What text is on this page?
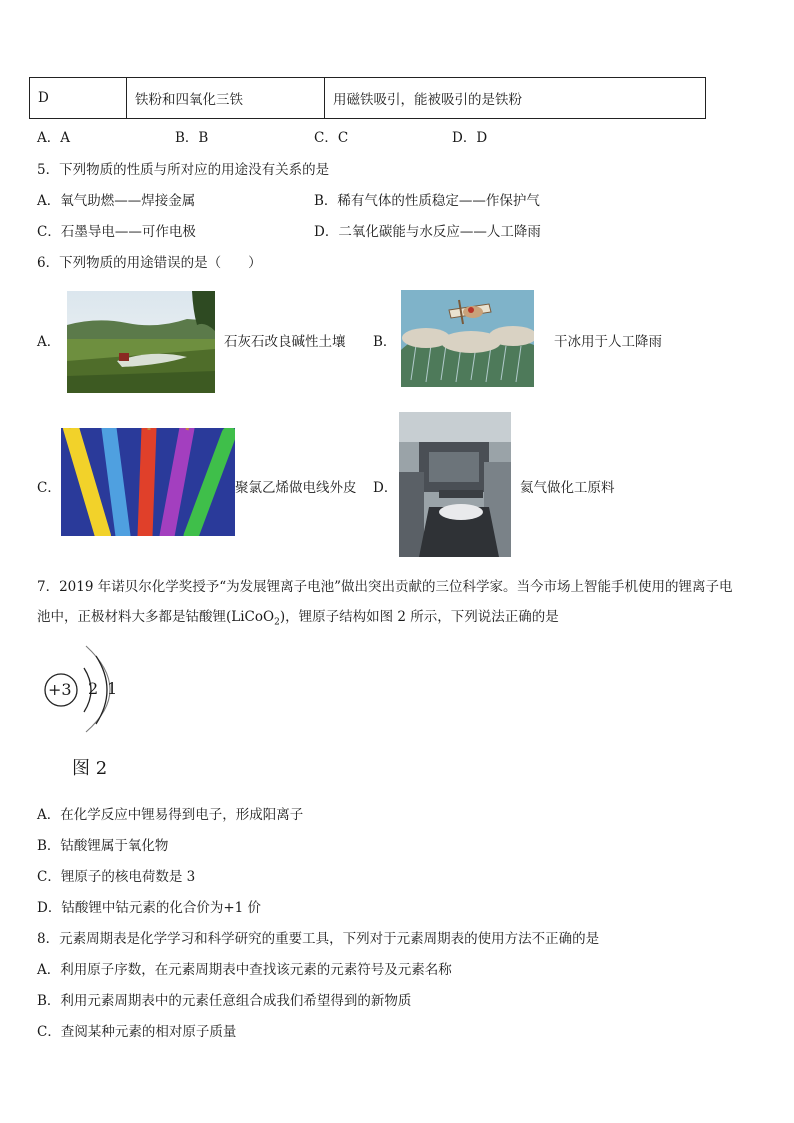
D	铁粉和四氧化三铁	用磁铁吸引，能被吸引的是铁粉
A．A	B．B	C．C	D．D
5．下列物质的性质与所对应的用途没有关系的是
A．氧气助燃——焊接金属	B．稀有气体的性质稳定——作保护气
C．石墨导电——可作电极	D．二氧化碳能与水反应——人工降雨
6．下列物质的用途错误的是（　　）
A．	石灰石改良碱性土壤 B．	干冰用于人工降雨
C．	聚氯乙烯做电线外皮 D．	氦气做化工原料
7．2019 年诺贝尔化学奖授予“为发展锂离子电池”做出突出贡献的三位科学家。当今市场上智能手机使用的锂离子电
池中，正极材料大多都是钴酸锂(LiCoO$_2$)，锂原子结构如图 2 所示，下列说法正确的是
+3 2 1
图 2
A．在化学反应中锂易得到电子，形成阳离子
B．钴酸锂属于氧化物
C．锂原子的核电荷数是 3
D．钴酸锂中钴元素的化合价为+1 价
8．元素周期表是化学学习和科学研究的重要工具，下列对于元素周期表的使用方法不正确的是
A．利用原子序数，在元素周期表中查找该元素的元素符号及元素名称
B．利用元素周期表中的元素任意组合成我们希望得到的新物质
C．查阅某种元素的相对原子质量
